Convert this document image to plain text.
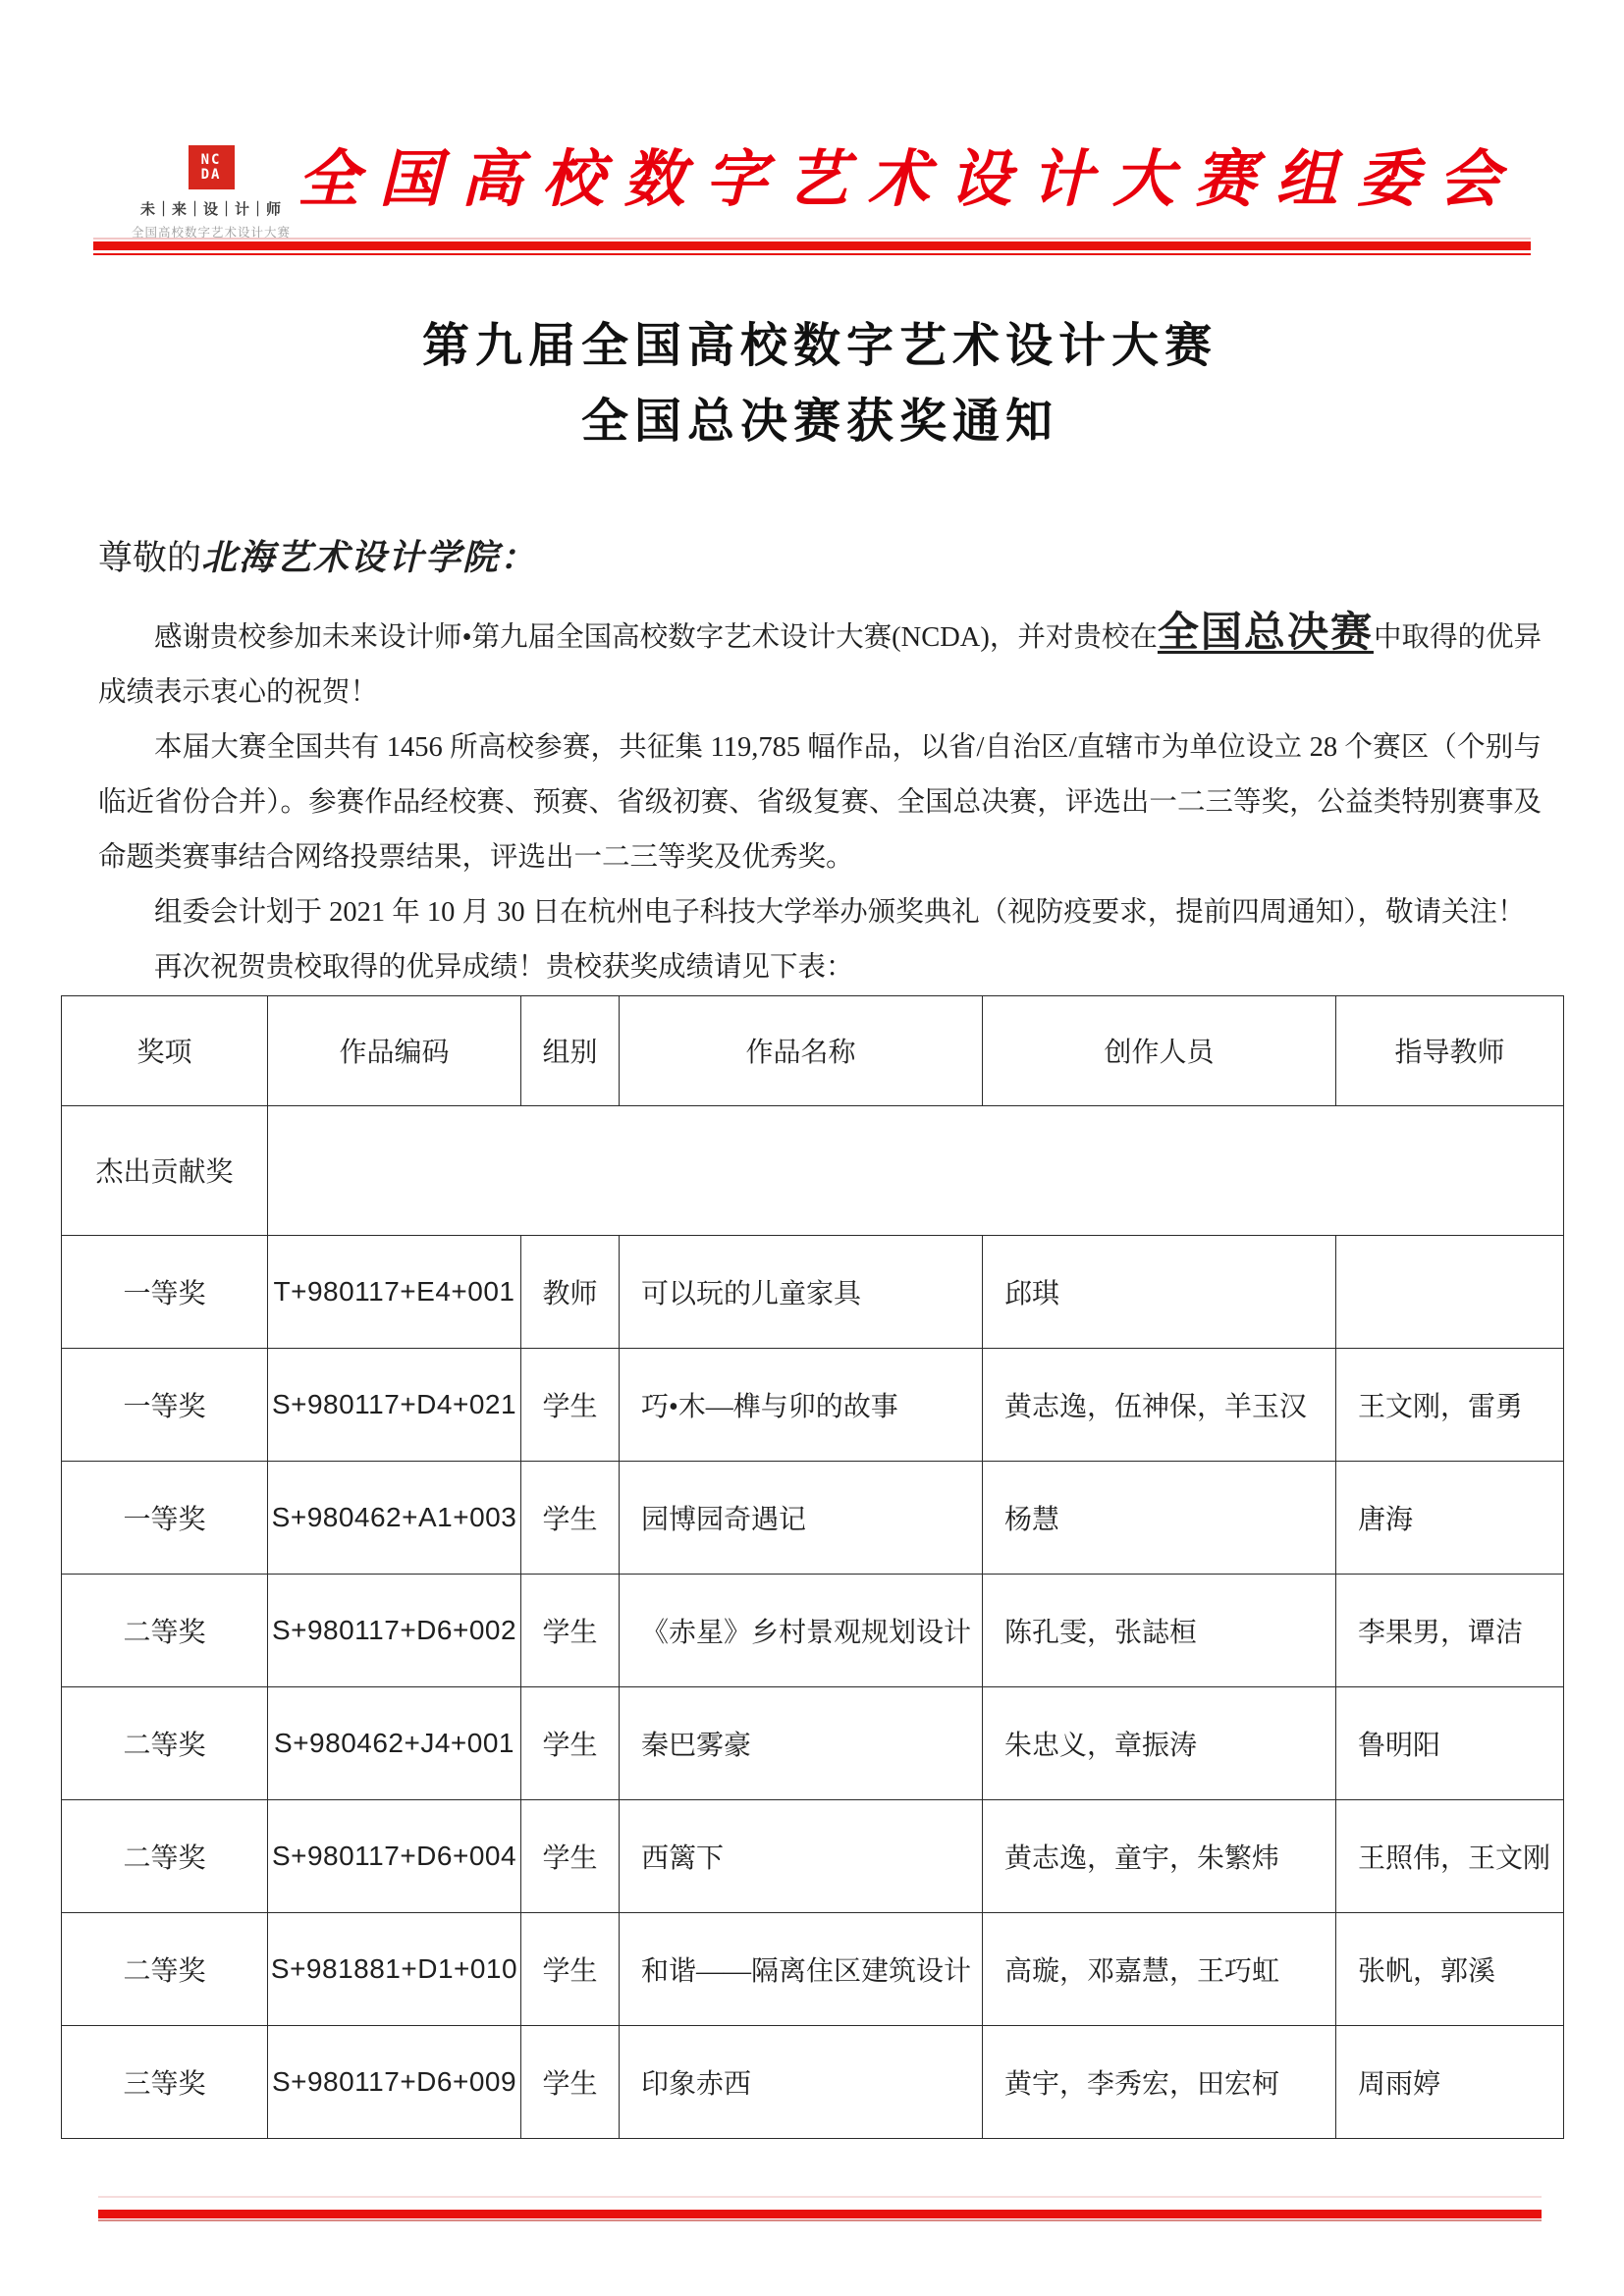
NC
DA
未｜来｜设｜计｜师
全国高校数字艺术设计大赛
全国高校数字艺术设计大赛组委会
第九届全国高校数字艺术设计大赛
全国总决赛获奖通知
尊敬的北海艺术设计学院：

感谢贵校参加未来设计师•第九届全国高校数字艺术设计大赛(NCDA)，并对贵校在全国总决赛中取得的优异成绩表示衷心的祝贺！

本届大赛全国共有 1456 所高校参赛，共征集 119,785 幅作品，以省/自治区/直辖市为单位设立 28 个赛区（个别与临近省份合并）。参赛作品经校赛、预赛、省级初赛、省级复赛、全国总决赛，评选出一二三等奖，公益类特别赛事及命题类赛事结合网络投票结果，评选出一二三等奖及优秀奖。

组委会计划于 2021 年 10 月 30 日在杭州电子科技大学举办颁奖典礼（视防疫要求，提前四周通知），敬请关注！

再次祝贺贵校取得的优异成绩！贵校获奖成绩请见下表：

奖项	作品编码	组别	作品名称	创作人员	指导教师
杰出贡献奖					
一等奖	T+980117+E4+001	教师	可以玩的儿童家具	邱琪	
一等奖	S+980117+D4+021	学生	巧•木—榫与卯的故事	黄志逸，伍神保，羊玉汉	王文刚，雷勇
一等奖	S+980462+A1+003	学生	园博园奇遇记	杨慧	唐海
二等奖	S+980117+D6+002	学生	《赤星》乡村景观规划设计	陈孔雯，张誌桓	李果男，谭洁
二等奖	S+980462+J4+001	学生	秦巴雾豪	朱忠义，章振涛	鲁明阳
二等奖	S+980117+D6+004	学生	西篱下	黄志逸，童宇，朱繁炜	王照伟，王文刚
二等奖	S+981881+D1+010	学生	和谐——隔离住区建筑设计	高璇，邓嘉慧，王巧虹	张帆，郭溪
三等奖	S+980117+D6+009	学生	印象赤西	黄宇，李秀宏，田宏柯	周雨婷
